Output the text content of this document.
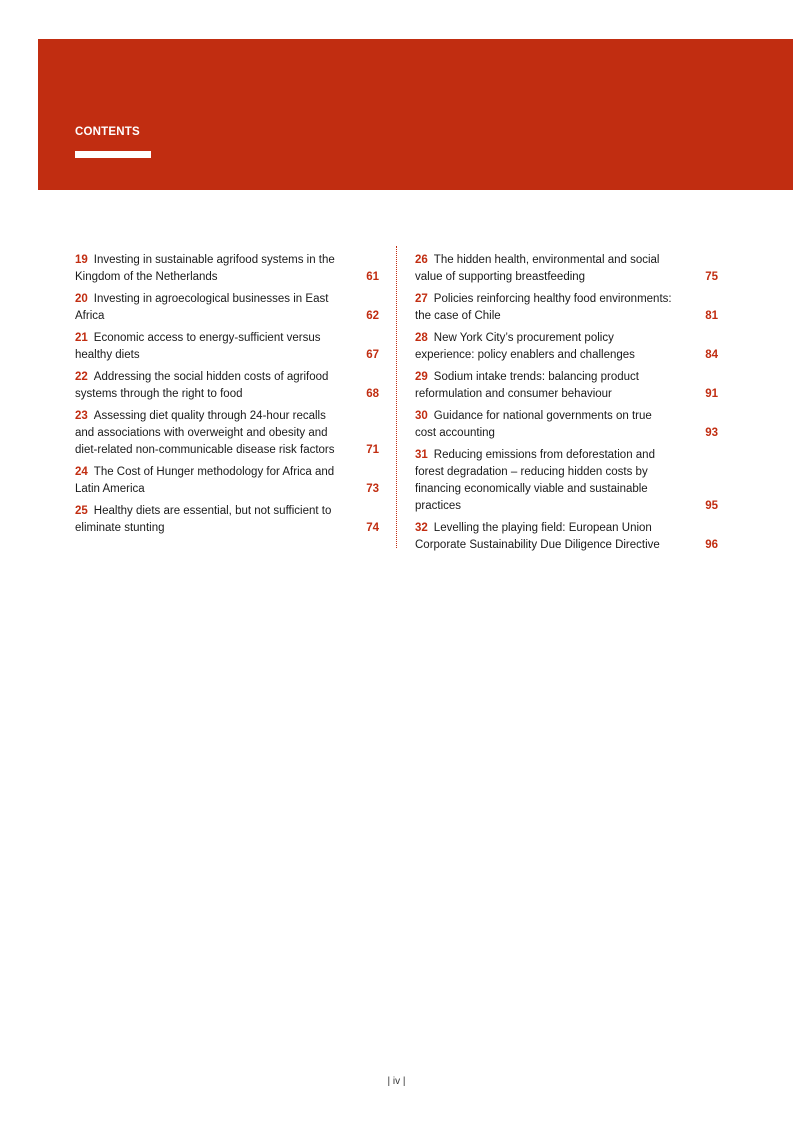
CONTENTS
19 Investing in sustainable agrifood systems in the Kingdom of the Netherlands	61
20 Investing in agroecological businesses in East Africa	62
21 Economic access to energy-sufficient versus healthy diets	67
22 Addressing the social hidden costs of agrifood systems through the right to food	68
23 Assessing diet quality through 24-hour recalls and associations with overweight and obesity and diet-related non-communicable disease risk factors	71
24 The Cost of Hunger methodology for Africa and Latin America	73
25 Healthy diets are essential, but not sufficient to eliminate stunting	74
26 The hidden health, environmental and social value of supporting breastfeeding	75
27 Policies reinforcing healthy food environments: the case of Chile	81
28 New York City’s procurement policy experience: policy enablers and challenges	84
29 Sodium intake trends: balancing product reformulation and consumer behaviour	91
30 Guidance for national governments on true cost accounting	93
31 Reducing emissions from deforestation and forest degradation – reducing hidden costs by financing economically viable and sustainable practices	95
32 Levelling the playing field: European Union Corporate Sustainability Due Diligence Directive	96
| iv |
